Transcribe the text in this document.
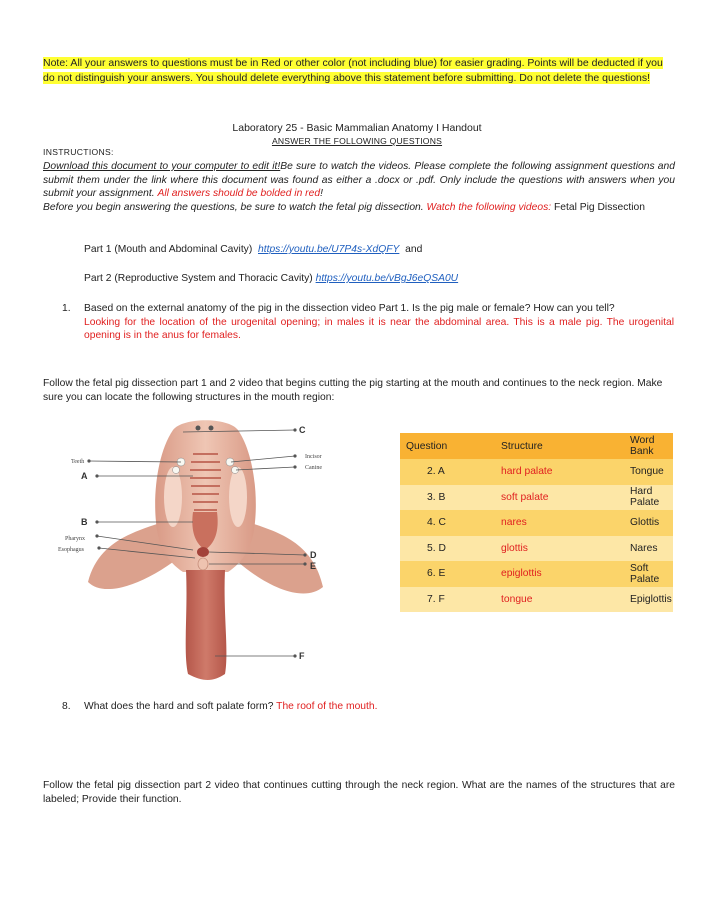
Note: All your answers to questions must be in Red or other color (not including blue) for easier grading. Points will be deducted if you do not distinguish your answers. You should delete everything above this statement before submitting. Do not delete the questions!
Laboratory 25 - Basic Mammalian Anatomy I Handout
ANSWER THE FOLLOWING QUESTIONS
INSTRUCTIONS:
Download this document to your computer to edit it!Be sure to watch the videos. Please complete the following assignment questions and submit them under the link where this document was found as either a .docx or .pdf. Only include the questions with answers when you submit your assignment. All answers should be bolded in red!
Before you begin answering the questions, be sure to watch the fetal pig dissection. Watch the following videos: Fetal Pig Dissection
Part 1 (Mouth and Abdominal Cavity) https://youtu.be/U7P4s-XdQFY and
Part 2 (Reproductive System and Thoracic Cavity) https://youtu.be/vBgJ6eQSA0U
1.	Based on the external anatomy of the pig in the dissection video Part 1. Is the pig male or female? How can you tell?
Looking for the location of the urogenital opening; in males it is near the abdominal area. This is a male pig. The urogenital opening is in the anus for females.
Follow the fetal pig dissection part 1 and 2 video that begins cutting the pig starting at the mouth and continues to the neck region. Make sure you can locate the following structures in the mouth region:
Teeth
A
B
Pharynx
Esophagus
C
Incisor
Canine
D
E
F
Question	Structure	Word Bank
2. A	hard palate	Tongue
3. B	soft palate	Hard Palate
4. C	nares	Glottis
5. D	glottis	Nares
6. E	epiglottis	Soft Palate
7. F	tongue	Epiglottis
8.	What does the hard and soft palate form? The roof of the mouth.
Follow the fetal pig dissection part 2 video that continues cutting through the neck region. What are the names of the structures that are labeled; Provide their function.
